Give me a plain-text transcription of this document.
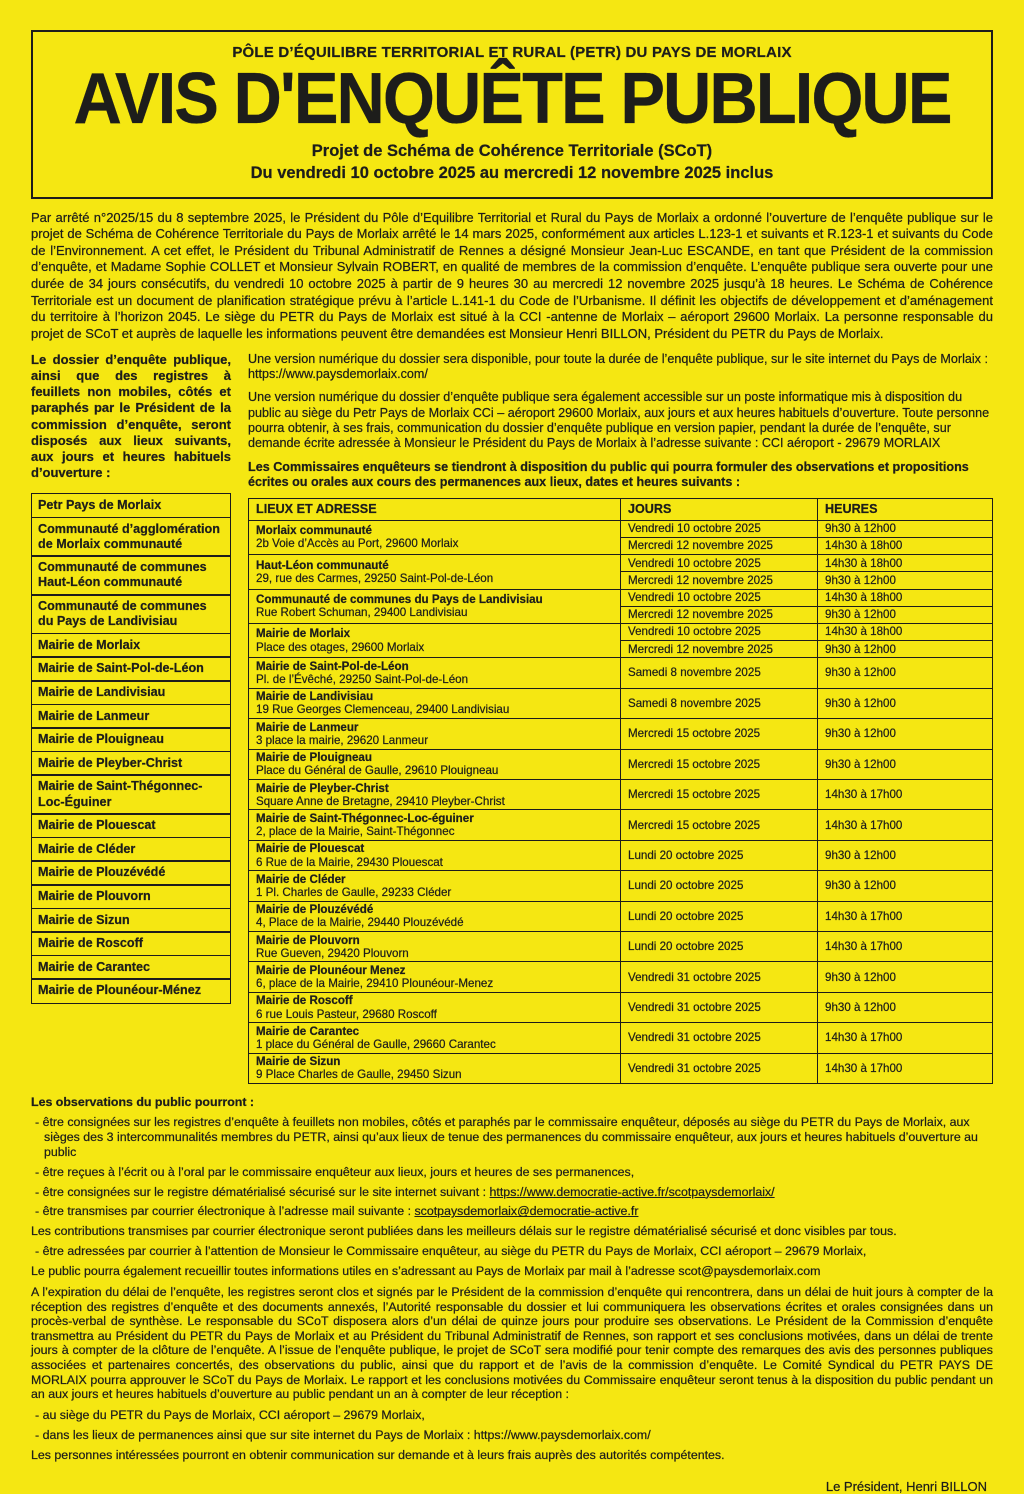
PÔLE D’ÉQUILIBRE TERRITORIAL ET RURAL (PETR) DU PAYS DE MORLAIX
AVIS D'ENQUÊTE PUBLIQUE
Projet de Schéma de Cohérence Territoriale (SCoT)
Du vendredi 10 octobre 2025 au mercredi 12 novembre 2025 inclus

Par arrêté n°2025/15 du 8 septembre 2025, le Président du Pôle d’Equilibre Territorial et Rural du Pays de Morlaix a ordonné l’ouverture de l’enquête publique sur le projet de Schéma de Cohérence Territoriale du Pays de Morlaix arrêté le 14 mars 2025, conformément aux articles L.123-1 et suivants et R.123-1 et suivants du Code de l’Environnement. A cet effet, le Président du Tribunal Administratif de Rennes a désigné Monsieur Jean-Luc ESCANDE, en tant que Président de la commission d’enquête, et Madame Sophie COLLET et Monsieur Sylvain ROBERT, en qualité de membres de la commission d’enquête. L’enquête publique sera ouverte pour une durée de 34 jours consécutifs, du vendredi 10 octobre 2025 à partir de 9 heures 30 au mercredi 12 novembre 2025 jusqu’à 18 heures. Le Schéma de Cohérence Territoriale est un document de planification stratégique prévu à l’article L.141-1 du Code de l’Urbanisme. Il définit les objectifs de développement et d’aménagement du territoire à l’horizon 2045. Le siège du PETR du Pays de Morlaix est situé à la CCI -antenne de Morlaix – aéroport 29600 Morlaix. La personne responsable du projet de SCoT et auprès de laquelle les informations peuvent être demandées est Monsieur Henri BILLON, Président du PETR du Pays de Morlaix.

Le dossier d’enquête publique, ainsi que des registres à feuillets non mobiles, côtés et paraphés par le Président de la commission d’enquête, seront disposés aux lieux suivants, aux jours et heures habituels d’ouverture :

Petr Pays de Morlaix
Communauté d’agglomération de Morlaix communauté
Communauté de communes Haut-Léon communauté
Communauté de communes du Pays de Landivisiau
Mairie de Morlaix
Mairie de Saint-Pol-de-Léon
Mairie de Landivisiau
Mairie de Lanmeur
Mairie de Plouigneau
Mairie de Pleyber-Christ
Mairie de Saint-Thégonnec-Loc-Éguiner
Mairie de Plouescat
Mairie de Cléder
Mairie de Plouzévédé
Mairie de Plouvorn
Mairie de Sizun
Mairie de Roscoff
Mairie de Carantec
Mairie de Plounéour-Ménez

Une version numérique du dossier sera disponible, pour toute la durée de l’enquête publique, sur le site internet du Pays de Morlaix : https://www.paysdemorlaix.com/

Une version numérique du dossier d’enquête publique sera également accessible sur un poste informatique mis à disposition du public au siège du Petr Pays de Morlaix CCi – aéroport 29600 Morlaix, aux jours et aux heures habituels d’ouverture. Toute personne pourra obtenir, à ses frais, communication du dossier d’enquête publique en version papier, pendant la durée de l’enquête, sur demande écrite adressée à Monsieur le Président du Pays de Morlaix à l’adresse suivante : CCI aéroport - 29679 MORLAIX

Les Commissaires enquêteurs se tiendront à disposition du public qui pourra formuler des observations et propositions écrites ou orales aux cours des permanences aux lieux, dates et heures suivants :

LIEUX ET ADRESSE	JOURS	HEURES

Morlaix communauté
2b Voie d’Accès au Port, 29600 Morlaix	Vendredi 10 octobre 2025	9h30 à 12h00
	Mercredi 12 novembre 2025	14h30 à 18h00

Haut-Léon communauté
29, rue des Carmes, 29250 Saint-Pol-de-Léon	Vendredi 10 octobre 2025	14h30 à 18h00
	Mercredi 12 novembre 2025	9h30 à 12h00

Communauté de communes du Pays de Landivisiau
Rue Robert Schuman, 29400 Landivisiau	Vendredi 10 octobre 2025	14h30 à 18h00
	Mercredi 12 novembre 2025	9h30 à 12h00

Mairie de Morlaix
Place des otages, 29600 Morlaix	Vendredi 10 octobre 2025	14h30 à 18h00
	Mercredi 12 novembre 2025	9h30 à 12h00

Mairie de Saint-Pol-de-Léon
Pl. de l’Évêché, 29250 Saint-Pol-de-Léon	Samedi 8 novembre 2025	9h30 à 12h00

Mairie de Landivisiau
19 Rue Georges Clemenceau, 29400 Landivisiau	Samedi 8 novembre 2025	9h30 à 12h00

Mairie de Lanmeur
3 place la mairie, 29620 Lanmeur	Mercredi 15 octobre 2025	9h30 à 12h00

Mairie de Plouigneau
Place du Général de Gaulle, 29610 Plouigneau	Mercredi 15 octobre 2025	9h30 à 12h00

Mairie de Pleyber-Christ
Square Anne de Bretagne, 29410 Pleyber-Christ	Mercredi 15 octobre 2025	14h30 à 17h00

Mairie de Saint-Thégonnec-Loc-éguiner
2, place de la Mairie, Saint-Thégonnec	Mercredi 15 octobre 2025	14h30 à 17h00

Mairie de Plouescat
6 Rue de la Mairie, 29430 Plouescat	Lundi 20 octobre 2025	9h30 à 12h00

Mairie de Cléder
1 Pl. Charles de Gaulle, 29233 Cléder	Lundi 20 octobre 2025	9h30 à 12h00

Mairie de Plouzévédé
4, Place de la Mairie, 29440 Plouzévédé	Lundi 20 octobre 2025	14h30 à 17h00

Mairie de Plouvorn
Rue Gueven, 29420 Plouvorn	Lundi 20 octobre 2025	14h30 à 17h00

Mairie de Plounéour Menez
6, place de la Mairie, 29410 Plounéour-Menez	Vendredi 31 octobre 2025	9h30 à 12h00

Mairie de Roscoff
6 rue Louis Pasteur, 29680 Roscoff	Vendredi 31 octobre 2025	9h30 à 12h00

Mairie de Carantec
1 place du Général de Gaulle, 29660 Carantec	Vendredi 31 octobre 2025	14h30 à 17h00

Mairie de Sizun
9 Place Charles de Gaulle, 29450 Sizun	Vendredi 31 octobre 2025	14h30 à 17h00

Les observations du public pourront :

- être consignées sur les registres d’enquête à feuillets non mobiles, côtés et paraphés par le commissaire enquêteur, déposés au siège du PETR du Pays de Morlaix, aux sièges des 3 intercommunalités membres du PETR, ainsi qu’aux lieux de tenue des permanences du commissaire enquêteur, aux jours et heures habituels d’ouverture au public

- être reçues à l’écrit ou à l’oral par le commissaire enquêteur aux lieux, jours et heures de ses permanences,

- être consignées sur le registre dématérialisé sécurisé sur le site internet suivant : https://www.democratie-active.fr/scotpaysdemorlaix/

- être transmises par courrier électronique à l’adresse mail suivante : scotpaysdemorlaix@democratie-active.fr

Les contributions transmises par courrier électronique seront publiées dans les meilleurs délais sur le registre dématérialisé sécurisé et donc visibles par tous.

- être adressées par courrier à l’attention de Monsieur le Commissaire enquêteur, au siège du PETR du Pays de Morlaix, CCI aéroport – 29679 Morlaix,

Le public pourra également recueillir toutes informations utiles en s’adressant au Pays de Morlaix par mail à l’adresse scot@paysdemorlaix.com

A l’expiration du délai de l’enquête, les registres seront clos et signés par le Président de la commission d’enquête qui rencontrera, dans un délai de huit jours à compter de la réception des registres d’enquête et des documents annexés, l’Autorité responsable du dossier et lui communiquera les observations écrites et orales consignées dans un procès-verbal de synthèse. Le responsable du SCoT disposera alors d’un délai de quinze jours pour produire ses observations. Le Président de la Commission d’enquête transmettra au Président du PETR du Pays de Morlaix et au Président du Tribunal Administratif de Rennes, son rapport et ses conclusions motivées, dans un délai de trente jours à compter de la clôture de l’enquête. A l’issue de l’enquête publique, le projet de SCoT sera modifié pour tenir compte des remarques des avis des personnes publiques associées et partenaires concertés, des observations du public, ainsi que du rapport et de l’avis de la commission d’enquête. Le Comité Syndical du PETR PAYS DE MORLAIX pourra approuver le SCoT du Pays de Morlaix. Le rapport et les conclusions motivées du Commissaire enquêteur seront tenus à la disposition du public pendant un an aux jours et heures habituels d’ouverture au public pendant un an à compter de leur réception :

- au siège du PETR du Pays de Morlaix, CCI aéroport – 29679 Morlaix,

- dans les lieux de permanences ainsi que sur site internet du Pays de Morlaix : https://www.paysdemorlaix.com/

Les personnes intéressées pourront en obtenir communication sur demande et à leurs frais auprès des autorités compétentes.

Le Président, Henri BILLON
